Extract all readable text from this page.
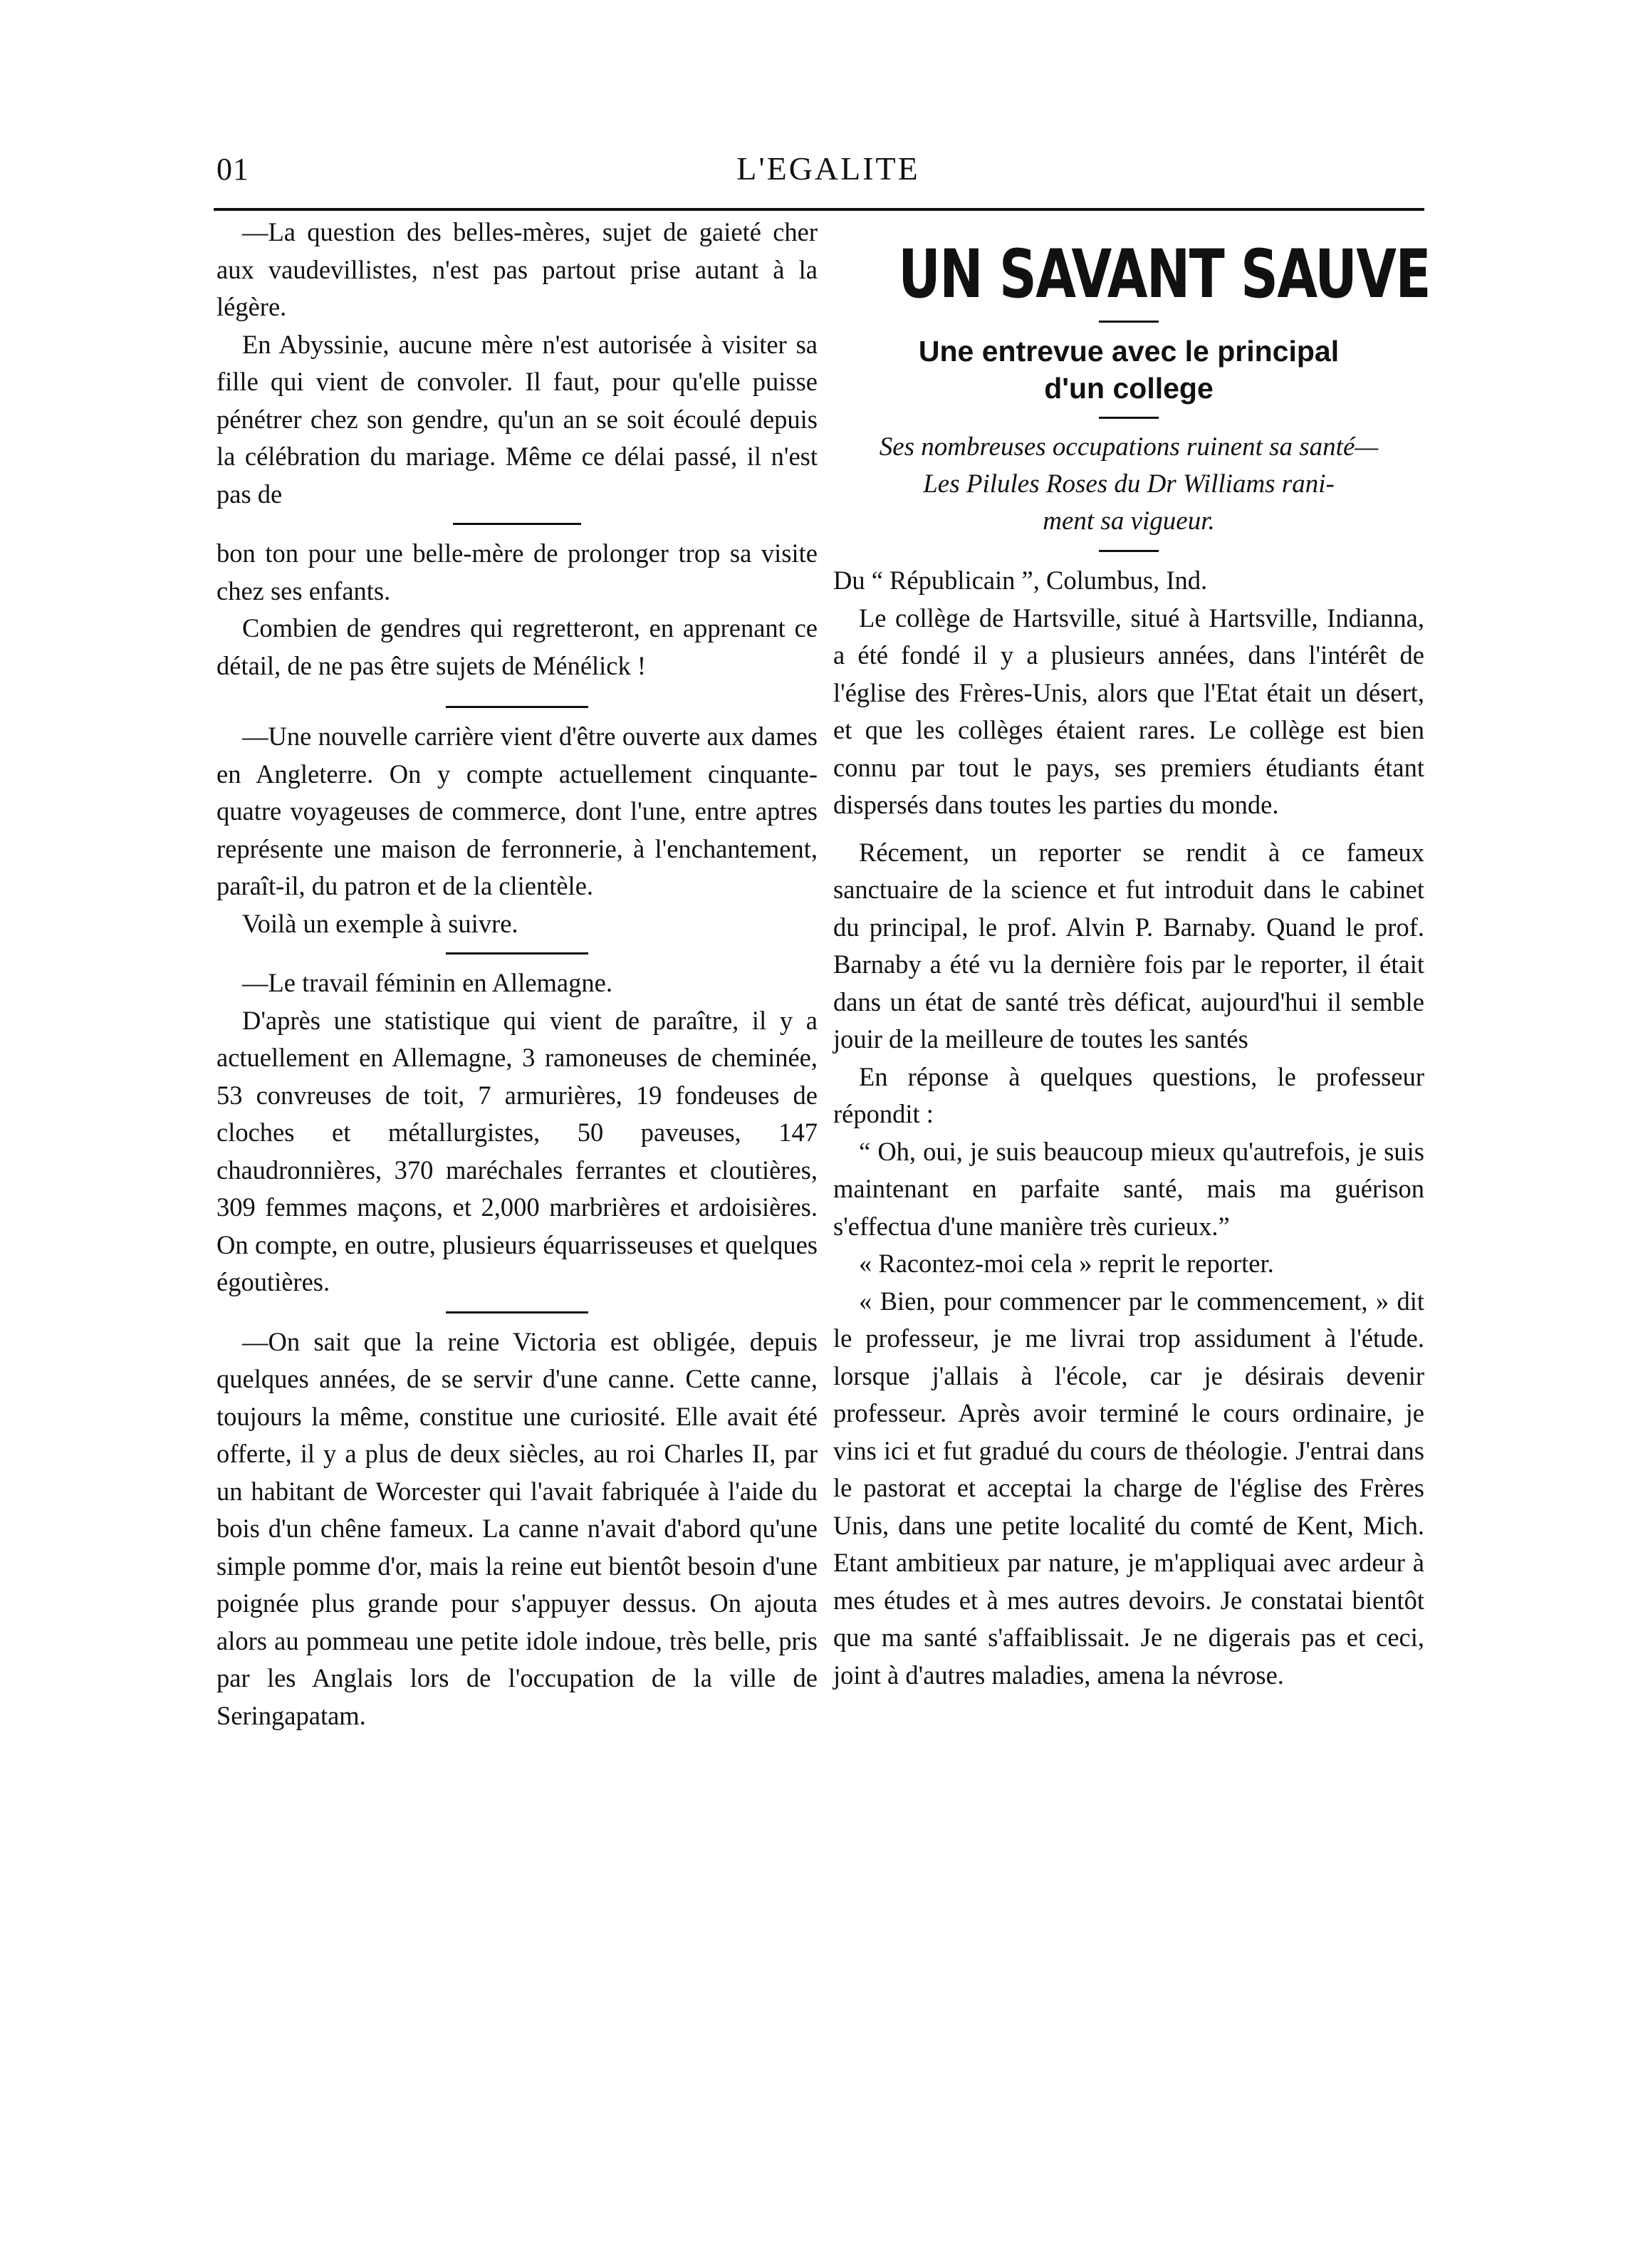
01	L'EGALITE

—La question des belles-mères, sujet de gaieté cher aux vaudevillistes, n'est pas partout prise autant à la légère.

En Abyssinie, aucune mère n'est autorisée à visiter sa fille qui vient de convoler. Il faut, pour qu'elle puisse pénétrer chez son gendre, qu'un an se soit écoulé depuis la célébration du mariage. Même ce délai passé, il n'est pas de

bon ton pour une belle-mère de prolonger trop sa visite chez ses enfants.

Combien de gendres qui regretteront, en apprenant ce détail, de ne pas être sujets de Ménélick !

—Une nouvelle carrière vient d'être ouverte aux dames en Angleterre. On y compte actuellement cinquante-quatre voyageuses de commerce, dont l'une, entre aptres représente une maison de ferronnerie, à l'enchantement, paraît-il, du patron et de la clientèle.

Voilà un exemple à suivre.

—Le travail féminin en Allemagne.

D'après une statistique qui vient de paraître, il y a actuellement en Allemagne, 3 ramoneuses de cheminée, 53 convreuses de toit, 7 armurières, 19 fondeuses de cloches et métallurgistes, 50 paveuses, 147 chaudronnières, 370 maréchales ferrantes et cloutières, 309 femmes maçons, et 2,000 marbrières et ardoisières. On compte, en outre, plusieurs équarrisseuses et quelques égoutières.

—On sait que la reine Victoria est obligée, depuis quelques années, de se servir d'une canne. Cette canne, toujours la même, constitue une curiosité. Elle avait été offerte, il y a plus de deux siècles, au roi Charles II, par un habitant de Worcester qui l'avait fabriquée à l'aide du bois d'un chêne fameux. La canne n'avait d'abord qu'une simple pomme d'or, mais la reine eut bientôt besoin d'une poignée plus grande pour s'appuyer dessus. On ajouta alors au pommeau une petite idole indoue, très belle, pris par les Anglais lors de l'occupation de la ville de Seringapatam.

UN SAVANT SAUVE
Une entrevue avec le principal
d'un college
Ses nombreuses occupations ruinent sa santé—
Les Pilules Roses du Dr Williams rani-
ment sa vigueur.

Du “ Républicain ”, Columbus, Ind.

Le collège de Hartsville, situé à Hartsville, Indianna, a été fondé il y a plusieurs années, dans l'intérêt de l'église des Frères-Unis, alors que l'Etat était un désert, et que les collèges étaient rares. Le collège est bien connu par tout le pays, ses premiers étudiants étant dispersés dans toutes les parties du monde.

Récement, un reporter se rendit à ce fameux sanctuaire de la science et fut introduit dans le cabinet du principal, le prof. Alvin P. Barnaby. Quand le prof. Barnaby a été vu la dernière fois par le reporter, il était dans un état de santé très déficat, aujourd'hui il semble jouir de la meilleure de toutes les santés

En réponse à quelques questions, le professeur répondit :

“ Oh, oui, je suis beaucoup mieux qu'autrefois, je suis maintenant en parfaite santé, mais ma guérison s'effectua d'une manière très curieux.”

« Racontez-moi cela » reprit le reporter.

« Bien, pour commencer par le commencement, » dit le professeur, je me livrai trop assidument à l'étude. lorsque j'allais à l'école, car je désirais devenir professeur. Après avoir terminé le cours ordinaire, je vins ici et fut gradué du cours de théologie. J'entrai dans le pastorat et acceptai la charge de l'église des Frères Unis, dans une petite localité du comté de Kent, Mich. Etant ambitieux par nature, je m'appliquai avec ardeur à mes études et à mes autres devoirs. Je constatai bientôt que ma santé s'affaiblissait. Je ne digerais pas et ceci, joint à d'autres maladies, amena la névrose.
